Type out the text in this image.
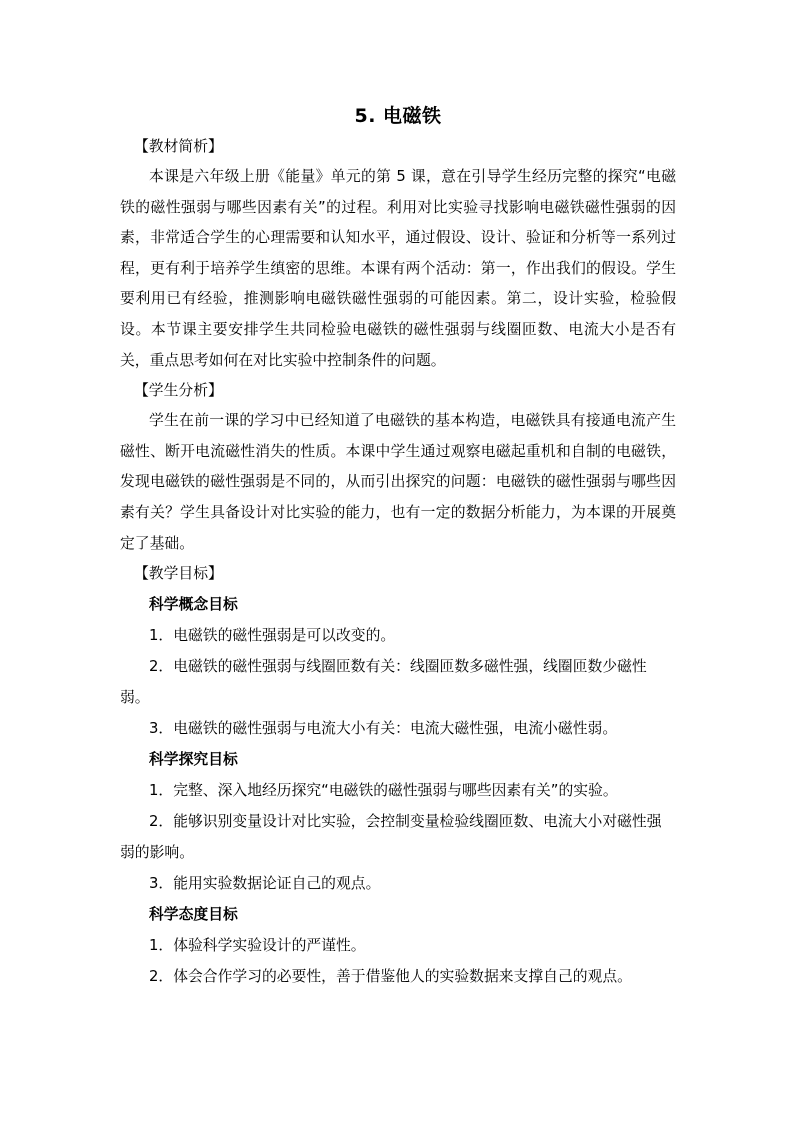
5. 电磁铁

【教材简析】

本课是六年级上册《能量》单元的第 5 课，意在引导学生经历完整的探究“电磁铁的磁性强弱与哪些因素有关”的过程。利用对比实验寻找影响电磁铁磁性强弱的因素，非常适合学生的心理需要和认知水平，通过假设、设计、验证和分析等一系列过程，更有利于培养学生缜密的思维。本课有两个活动：第一，作出我们的假设。学生要利用已有经验，推测影响电磁铁磁性强弱的可能因素。第二，设计实验，检验假设。本节课主要安排学生共同检验电磁铁的磁性强弱与线圈匝数、电流大小是否有关，重点思考如何在对比实验中控制条件的问题。

【学生分析】

学生在前一课的学习中已经知道了电磁铁的基本构造，电磁铁具有接通电流产生磁性、断开电流磁性消失的性质。本课中学生通过观察电磁起重机和自制的电磁铁，发现电磁铁的磁性强弱是不同的，从而引出探究的问题：电磁铁的磁性强弱与哪些因素有关？学生具备设计对比实验的能力，也有一定的数据分析能力，为本课的开展奠定了基础。

【教学目标】

科学概念目标

1．电磁铁的磁性强弱是可以改变的。

2．电磁铁的磁性强弱与线圈匝数有关：线圈匝数多磁性强，线圈匝数少磁性弱。

3．电磁铁的磁性强弱与电流大小有关：电流大磁性强，电流小磁性弱。

科学探究目标

1．完整、深入地经历探究“电磁铁的磁性强弱与哪些因素有关”的实验。

2．能够识别变量设计对比实验，会控制变量检验线圈匝数、电流大小对磁性强弱的影响。

3．能用实验数据论证自己的观点。

科学态度目标

1．体验科学实验设计的严谨性。

2．体会合作学习的必要性，善于借鉴他人的实验数据来支撑自己的观点。
